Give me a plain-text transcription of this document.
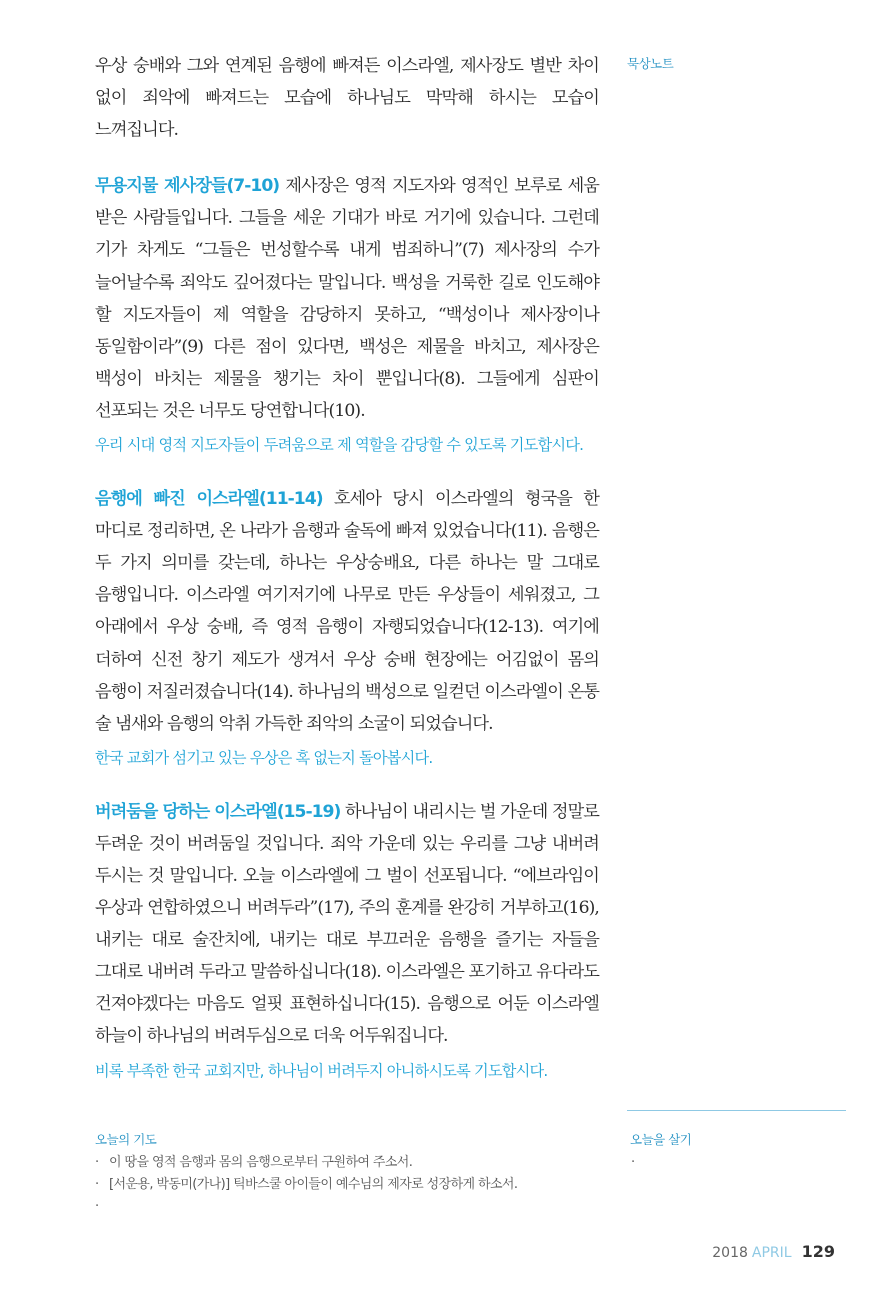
묵상노트

우상 숭배와 그와 연계된 음행에 빠져든 이스라엘, 제사장도 별반 차이 없이 죄악에 빠져드는 모습에 하나님도 막막해 하시는 모습이 느껴집니다.

무용지물 제사장들(7-10) 제사장은 영적 지도자와 영적인 보루로 세움 받은 사람들입니다. 그들을 세운 기대가 바로 거기에 있습니다. 그런데 기가 차게도 “그들은 번성할수록 내게 범죄하니”(7) 제사장의 수가 늘어날수록 죄악도 깊어졌다는 말입니다. 백성을 거룩한 길로 인도해야 할 지도자들이 제 역할을 감당하지 못하고, “백성이나 제사장이나 동일함이라”(9) 다른 점이 있다면, 백성은 제물을 바치고, 제사장은 백성이 바치는 제물을 챙기는 차이 뿐입니다(8). 그들에게 심판이 선포되는 것은 너무도 당연합니다(10).

우리 시대 영적 지도자들이 두려움으로 제 역할을 감당할 수 있도록 기도합시다.

음행에 빠진 이스라엘(11-14) 호세아 당시 이스라엘의 형국을 한 마디로 정리하면, 온 나라가 음행과 술독에 빠져 있었습니다(11). 음행은 두 가지 의미를 갖는데, 하나는 우상숭배요, 다른 하나는 말 그대로 음행입니다. 이스라엘 여기저기에 나무로 만든 우상들이 세워졌고, 그 아래에서 우상 숭배, 즉 영적 음행이 자행되었습니다(12-13). 여기에 더하여 신전 창기 제도가 생겨서 우상 숭배 현장에는 어김없이 몸의 음행이 저질러졌습니다(14). 하나님의 백성으로 일컫던 이스라엘이 온통 술 냄새와 음행의 악취 가득한 죄악의 소굴이 되었습니다.

한국 교회가 섬기고 있는 우상은 혹 없는지 돌아봅시다.

버려둠을 당하는 이스라엘(15-19) 하나님이 내리시는 벌 가운데 정말로 두려운 것이 버려둠일 것입니다. 죄악 가운데 있는 우리를 그냥 내버려 두시는 것 말입니다. 오늘 이스라엘에 그 벌이 선포됩니다. “에브라임이 우상과 연합하였으니 버려두라”(17), 주의 훈계를 완강히 거부하고(16), 내키는 대로 술잔치에, 내키는 대로 부끄러운 음행을 즐기는 자들을 그대로 내버려 두라고 말씀하십니다(18). 이스라엘은 포기하고 유다라도 건져야겠다는 마음도 얼핏 표현하십니다(15). 음행으로 어둔 이스라엘 하늘이 하나님의 버려두심으로 더욱 어두워집니다.

비록 부족한 한국 교회지만, 하나님이 버려두지 아니하시도록 기도합시다.

오늘의 기도
· 이 땅을 영적 음행과 몸의 음행으로부터 구원하여 주소서.
· [서운용, 박동미(가나)] 틱바스쿨 아이들이 예수님의 제자로 성장하게 하소서.
·
오늘을 살기
·
2018 APRIL 129
